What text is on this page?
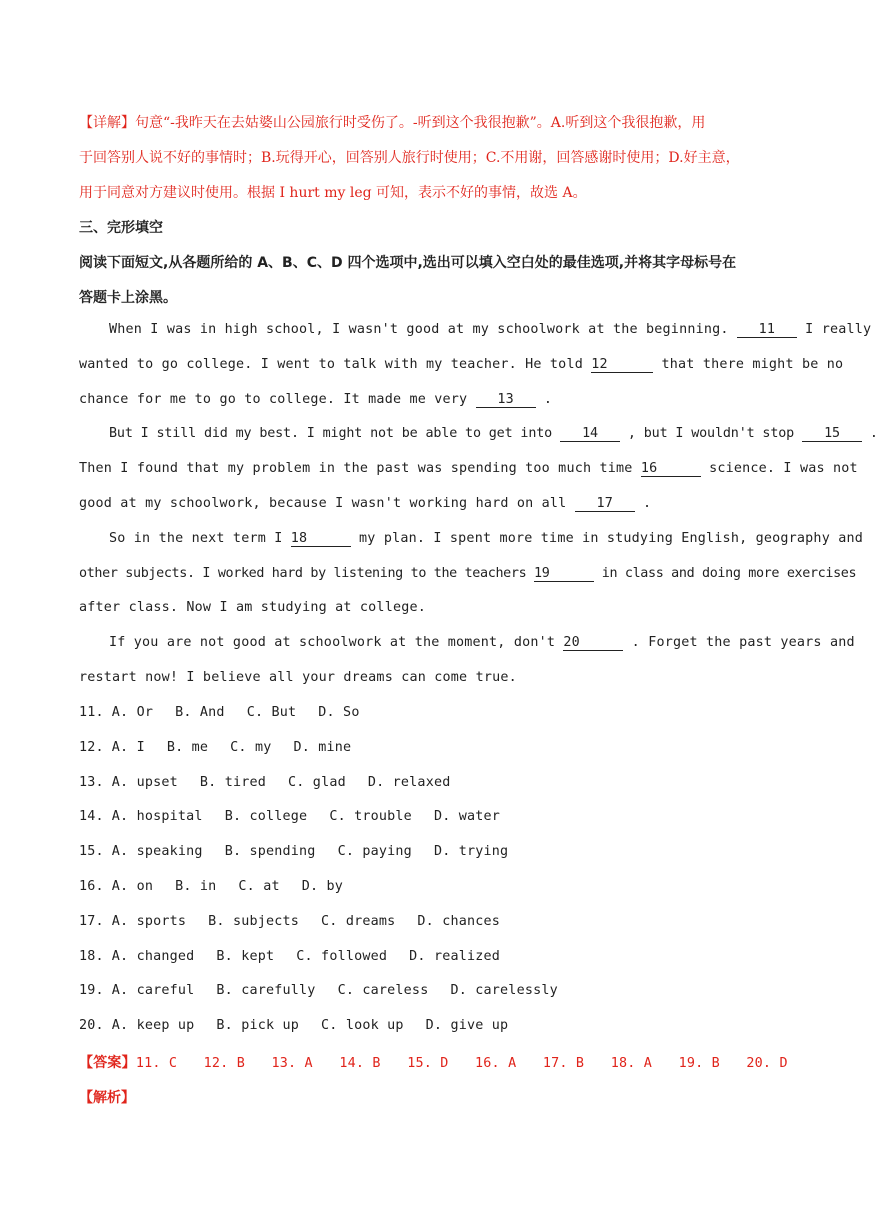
【详解】句意“-我昨天在去姑婆山公园旅行时受伤了。-听到这个我很抱歉”。A.听到这个我很抱歉，用
于回答别人说不好的事情时；B.玩得开心，回答别人旅行时使用；C.不用谢，回答感谢时使用；D.好主意，
用于同意对方建议时使用。根据 I hurt my leg 可知，表示不好的事情，故选 A。
三、完形填空
阅读下面短文,从各题所给的 A、B、C、D 四个选项中,选出可以填入空白处的最佳选项,并将其字母标号在
答题卡上涂黑。
When I was in high school, I wasn't good at my schoolwork at the beginning. 11 I really
wanted to go college. I went to talk with my teacher. He told 12	that there might be no
chance for me to go to college. It made me very 13 .
But I still did my best. I might not be able to get into 14 , but I wouldn't stop 15 .
Then I found that my problem in the past was spending too much time 16	science. I was not
good at my schoolwork, because I wasn't working hard on all 17 .
So in the next term I 18	my plan. I spent more time in studying English, geography and
other subjects. I worked hard by listening to the teachers 19	in class and doing more exercises
after class. Now I am studying at college.
If you are not good at schoolwork at the moment, don't 20	. Forget the past years and
restart now! I believe all your dreams can come true.
11. A. Or B. And C. But D. So
12. A. I B. me C. my D. mine
13. A. upset B. tired C. glad D. relaxed
14. A. hospital B. college C. trouble D. water
15. A. speaking B. spending C. paying D. trying
16. A. on B. in C. at D. by
17. A. sports B. subjects C. dreams D. chances
18. A. changed B. kept C. followed D. realized
19. A. careful B. carefully C. careless D. carelessly
20. A. keep up B. pick up C. look up D. give up
【答案】 11. C 12. B 13. A 14. B 15. D 16. A 17. B 18. A 19. B 20. D
【解析】
